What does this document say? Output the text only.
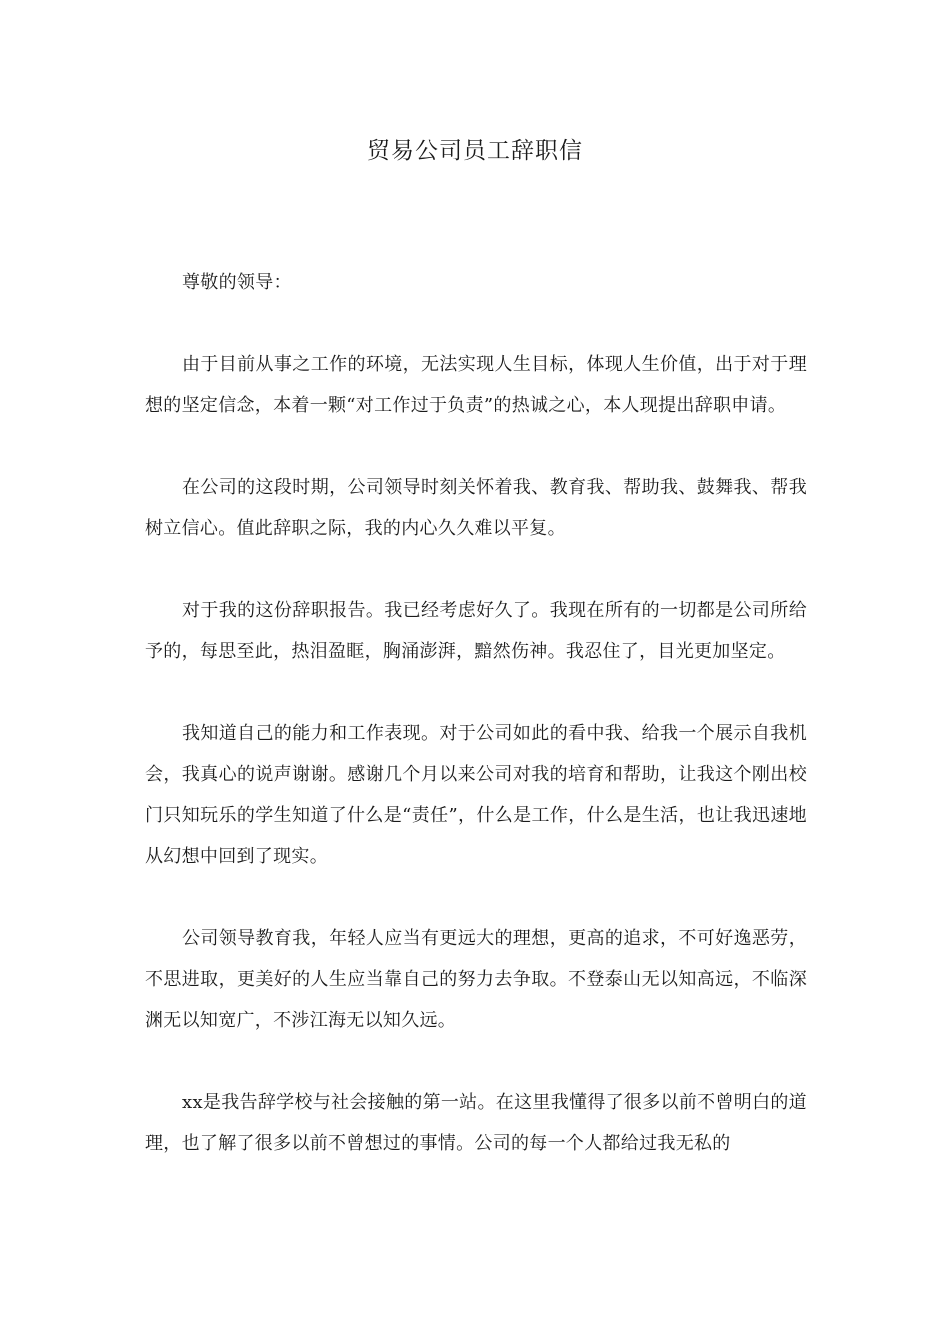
贸易公司员工辞职信

尊敬的领导：

由于目前从事之工作的环境，无法实现人生目标，体现人生价值，出于对于理想的坚定信念，本着一颗“对工作过于负责”的热诚之心，本人现提出辞职申请。

在公司的这段时期，公司领导时刻关怀着我、教育我、帮助我、鼓舞我、帮我树立信心。值此辞职之际，我的内心久久难以平复。

对于我的这份辞职报告。我已经考虑好久了。我现在所有的一切都是公司所给予的，每思至此，热泪盈眶，胸涌澎湃，黯然伤神。我忍住了，目光更加坚定。

我知道自己的能力和工作表现。对于公司如此的看中我、给我一个展示自我机会，我真心的说声谢谢。感谢几个月以来公司对我的培育和帮助，让我这个刚出校门只知玩乐的学生知道了什么是“责任”，什么是工作，什么是生活，也让我迅速地从幻想中回到了现实。

公司领导教育我，年轻人应当有更远大的理想，更高的追求，不可好逸恶劳，不思进取，更美好的人生应当靠自己的努力去争取。不登泰山无以知高远，不临深渊无以知宽广，不涉江海无以知久远。

xx是我告辞学校与社会接触的第一站。在这里我懂得了很多以前不曾明白的道理，也了解了很多以前不曾想过的事情。公司的每一个人都给过我无私的
